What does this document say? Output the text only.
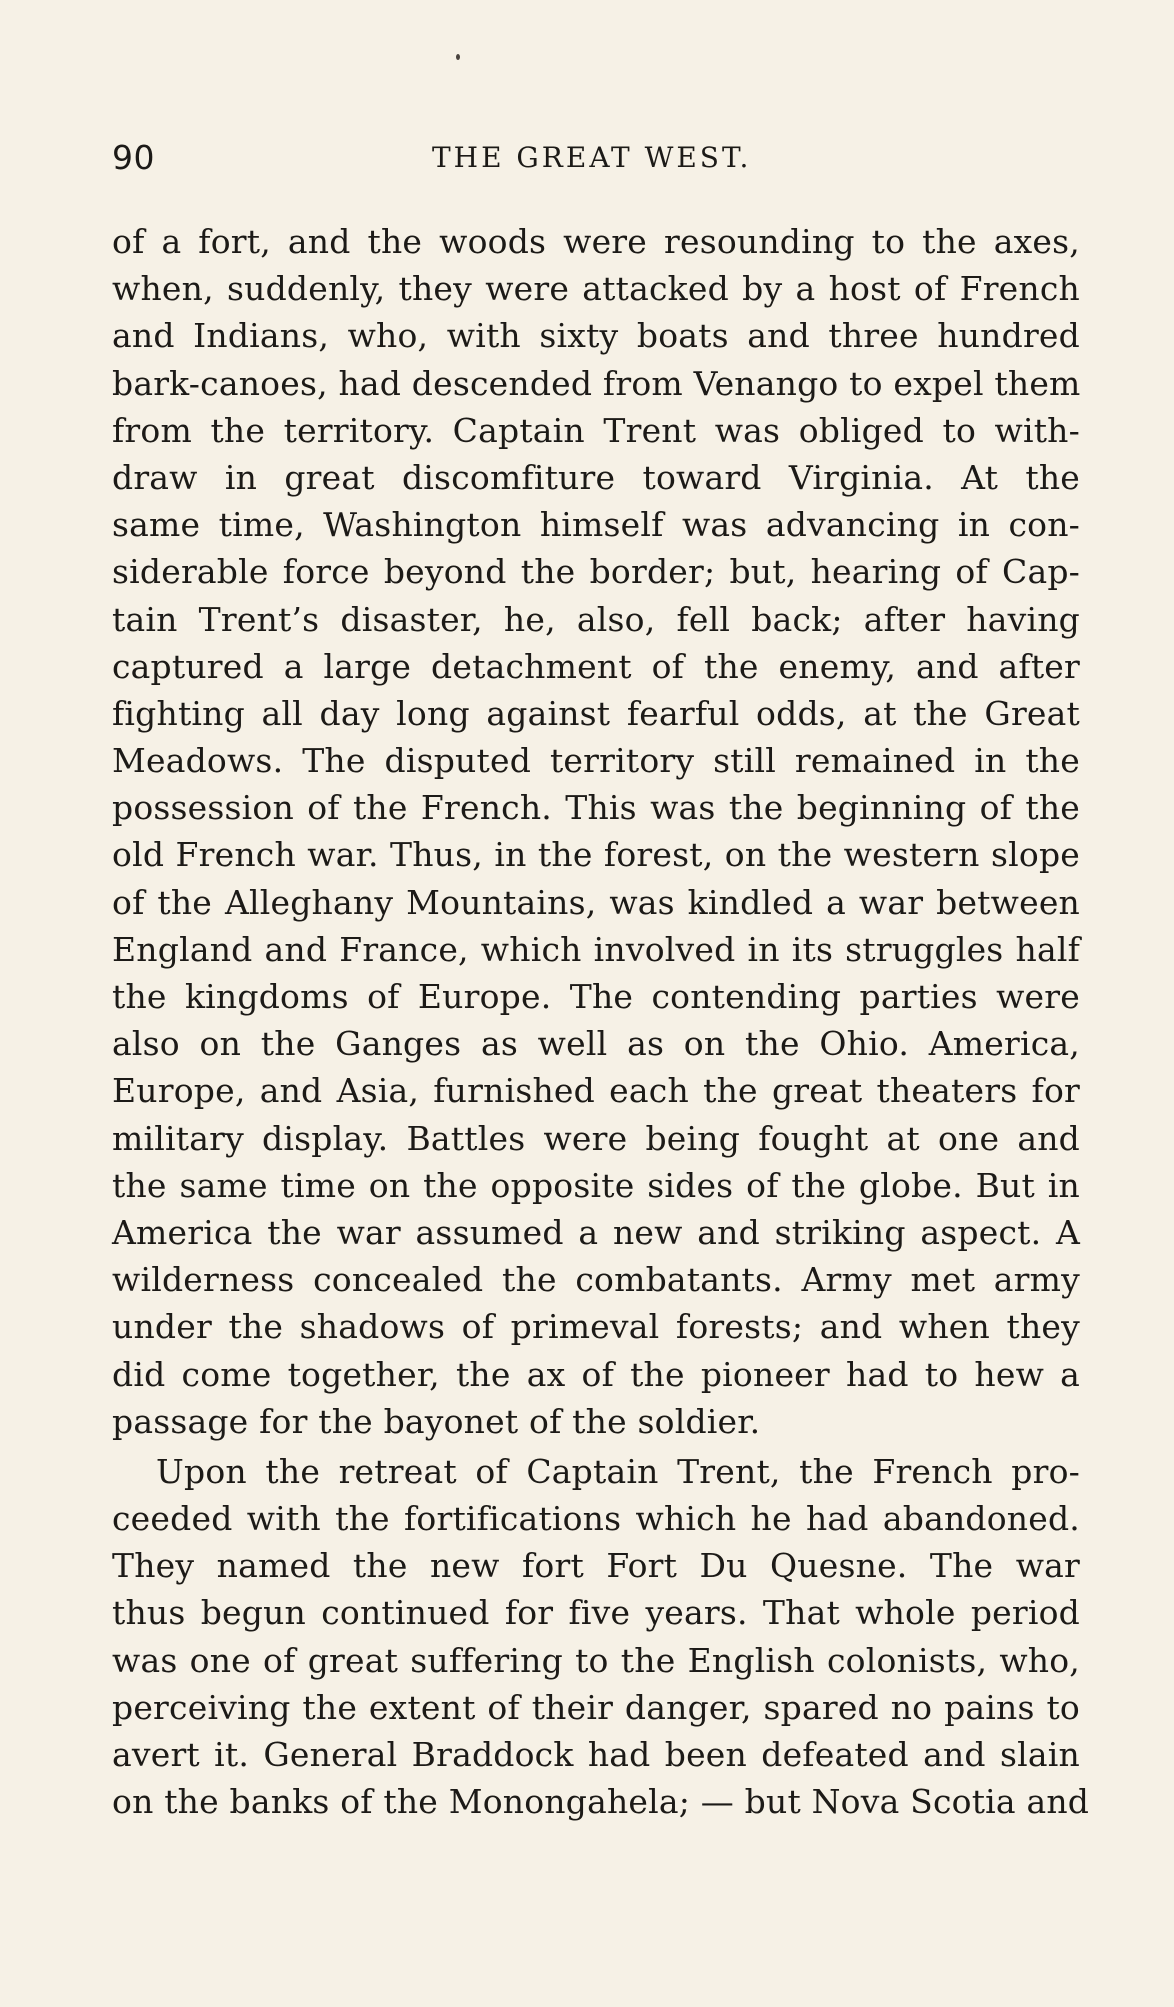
90	THE GREAT WEST.
of a fort, and the woods were resounding to the axes,
when, suddenly, they were attacked by a host of French
and Indians, who, with sixty boats and three hundred
bark-canoes, had descended from Venango to expel them
from the territory. Captain Trent was obliged to with-
draw in great discomfiture toward Virginia. At the
same time, Washington himself was advancing in con-
siderable force beyond the border; but, hearing of Cap-
tain Trent’s disaster, he, also, fell back; after having
captured a large detachment of the enemy, and after
fighting all day long against fearful odds, at the Great
Meadows. The disputed territory still remained in the
possession of the French. This was the beginning of the
old French war. Thus, in the forest, on the western slope
of the Alleghany Mountains, was kindled a war between
England and France, which involved in its struggles half
the kingdoms of Europe. The contending parties were
also on the Ganges as well as on the Ohio. America,
Europe, and Asia, furnished each the great theaters for
military display. Battles were being fought at one and
the same time on the opposite sides of the globe. But in
America the war assumed a new and striking aspect. A
wilderness concealed the combatants. Army met army
under the shadows of primeval forests; and when they
did come together, the ax of the pioneer had to hew a
passage for the bayonet of the soldier.
Upon the retreat of Captain Trent, the French pro-
ceeded with the fortifications which he had abandoned.
They named the new fort Fort Du Quesne. The war
thus begun continued for five years. That whole period
was one of great suffering to the English colonists, who,
perceiving the extent of their danger, spared no pains to
avert it. General Braddock had been defeated and slain
on the banks of the Monongahela; — but Nova Scotia and
